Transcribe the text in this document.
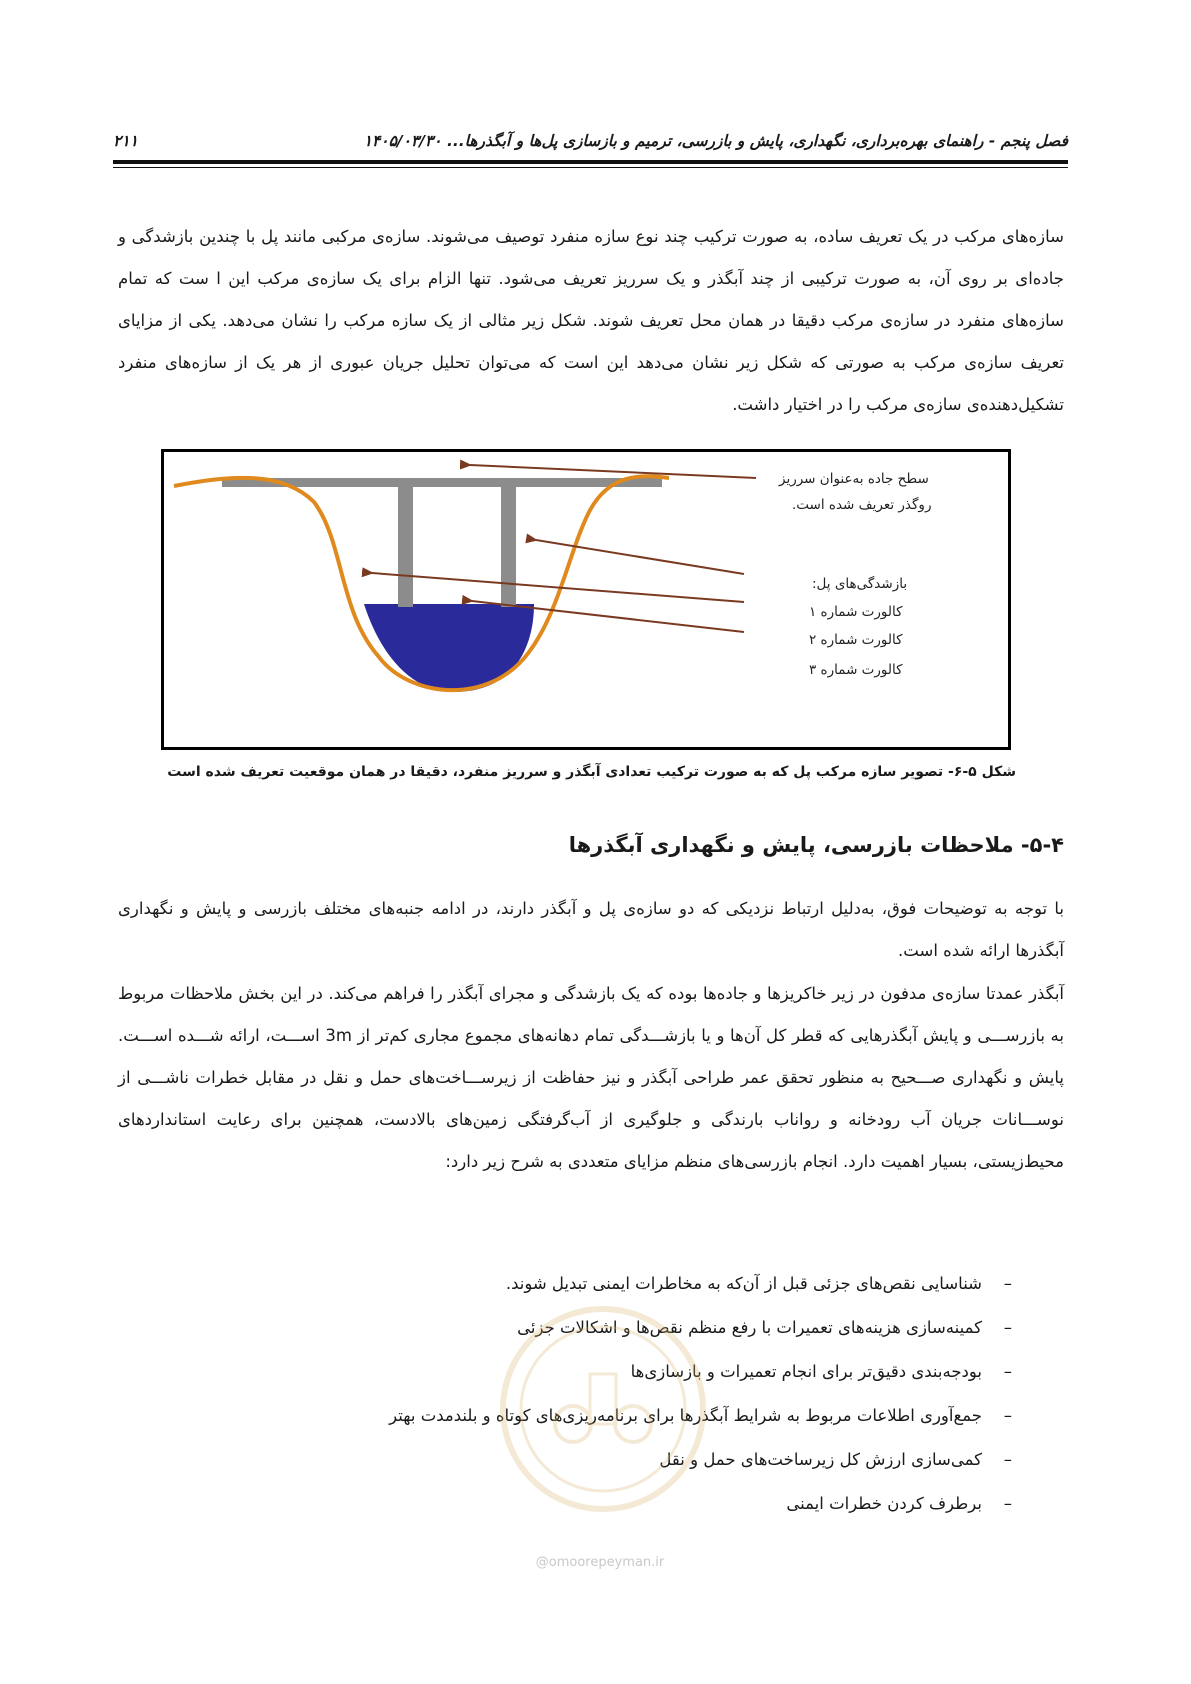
فصل پنجم - راهنمای بهره‌برداری، نگهداری، پایش و بازرسی، ترمیم و بازسازی پل‌ها و آبگذرها... ۱۴۰۵/۰۳/۳۰
۲۱۱

سازه‌های مرکب در یک تعریف ساده، به صورت ترکیب چند نوع سازه منفرد توصیف می‌شوند. سازه‌ی مرکبی مانند پل با چندین بازشدگی و جاده‌ای بر روی آن، به صورت ترکیبی از چند آبگذر و یک سرریز تعریف می‌شود. تنها الزام برای یک سازه‌ی مرکب این ا ست که تمام سازه‌های منفرد در سازه‌ی مرکب دقیقا در همان محل تعریف شوند. شکل زیر مثالی از یک سازه مرکب را نشان می‌دهد. یکی از مزایای تعریف سازه‌ی مرکب به صورتی که شکل زیر نشان می‌دهد این است که می‌توان تحلیل جریان عبوری از هر یک از سازه‌های منفرد تشکیل‌دهنده‌ی سازه‌ی مرکب را در اختیار داشت.

سطح جاده به‌عنوان سرریز
روگذر تعریف شده است.
بازشدگی‌های پل:
کالورت شماره ۱
کالورت شماره ۲
کالورت شماره ۳
شکل ۵-۶- تصویر سازه مرکب پل که به صورت ترکیب تعدادی آبگذر و سرریز منفرد، دقیقا در همان موقعیت تعریف شده است
۵-۴- ملاحظات بازرسی، پایش و نگهداری آبگذرها

با توجه به توضیحات فوق، به‌دلیل ارتباط نزدیکی که دو سازه‌ی پل و آبگذر دارند، در ادامه جنبه‌های مختلف بازرسی و پایش و نگهداری آبگذرها ارائه شده است.

آبگذر عمدتا سازه‌ی مدفون در زیر خاکریزها و جاده‌ها بوده که یک بازشدگی و مجرای آبگذر را فراهم می‌کند. در این بخش ملاحظات مربوط به بازرســـی و پایش آبگذرهایی که قطر کل آن‌ها و یا بازشـــدگی تمام دهانه‌های مجموع مجاری کم‌تر از 3m اســـت، ارائه شـــده اســـت. پایش و نگهداری صـــحیح به منظور تحقق عمر طراحی آبگذر و نیز حفاظت از زیرســـاخت‌های حمل و نقل در مقابل خطرات ناشـــی از نوســـانات جریان آب رودخانه و رواناب بارندگی و جلوگیری از آب‌گرفتگی زمین‌های بالادست، همچنین برای رعایت استانداردهای محیط‌زیستی، بسیار اهمیت دارد. انجام بازرسی‌های منظم مزایای متعددی به شرح زیر دارد:

–شناسایی نقص‌های جزئی قبل از آن‌که به مخاطرات ایمنی تبدیل شوند.
–کمینه‌سازی هزینه‌های تعمیرات با رفع منظم نقص‌ها و اشکالات جزئی
–بودجه‌بندی دقیق‌تر برای انجام تعمیرات و بازسازی‌ها
–جمع‌آوری اطلاعات مربوط به شرایط آبگذرها برای برنامه‌ریزی‌های کوتاه و بلندمدت بهتر
–کمی‌سازی ارزش کل زیرساخت‌های حمل و نقل
–برطرف کردن خطرات ایمنی
@omoorepeyman.ir
